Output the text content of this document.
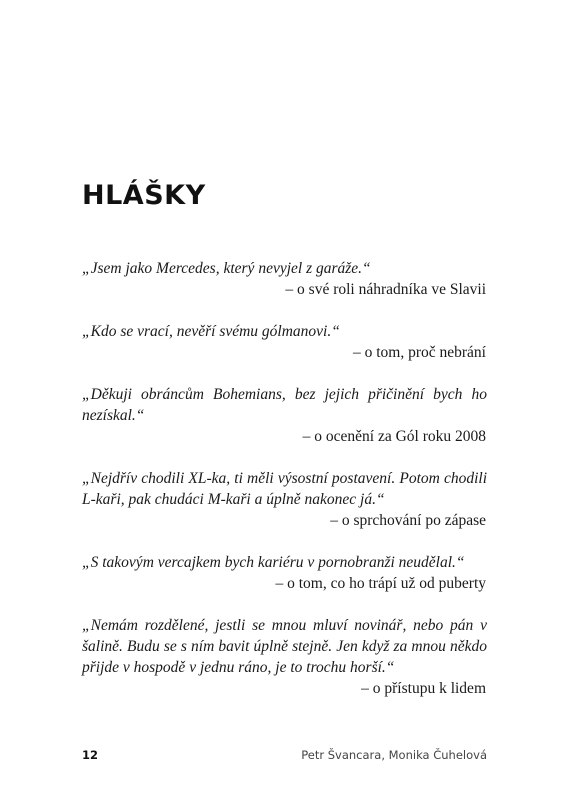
HLÁŠKY

„Jsem jako Mercedes, který nevyjel z garáže.“

– o své roli náhradníka ve Slavii

„Kdo se vrací, nevěří svému gólmanovi.“

– o tom, proč nebrání

„Děkuji obráncům Bohemians, bez jejich přičinění bych ho nezískal.“

– o ocenění za Gól roku 2008

„Nejdřív chodili XL-ka, ti měli výsostní postavení. Potom chodili L-kaři, pak chudáci M-kaři a úplně nakonec já.“

– o sprchování po zápase

„S takovým vercajkem bych kariéru v pornobranži neudělal.“

– o tom, co ho trápí už od puberty

„Nemám rozdělené, jestli se mnou mluví novinář, nebo pán v šalině. Budu se s ním bavit úplně stejně. Jen když za mnou někdo přijde v hospodě v jednu ráno, je to trochu horší.“

– o přístupu k lidem

12	Petr Švancara, Monika Čuhelová
